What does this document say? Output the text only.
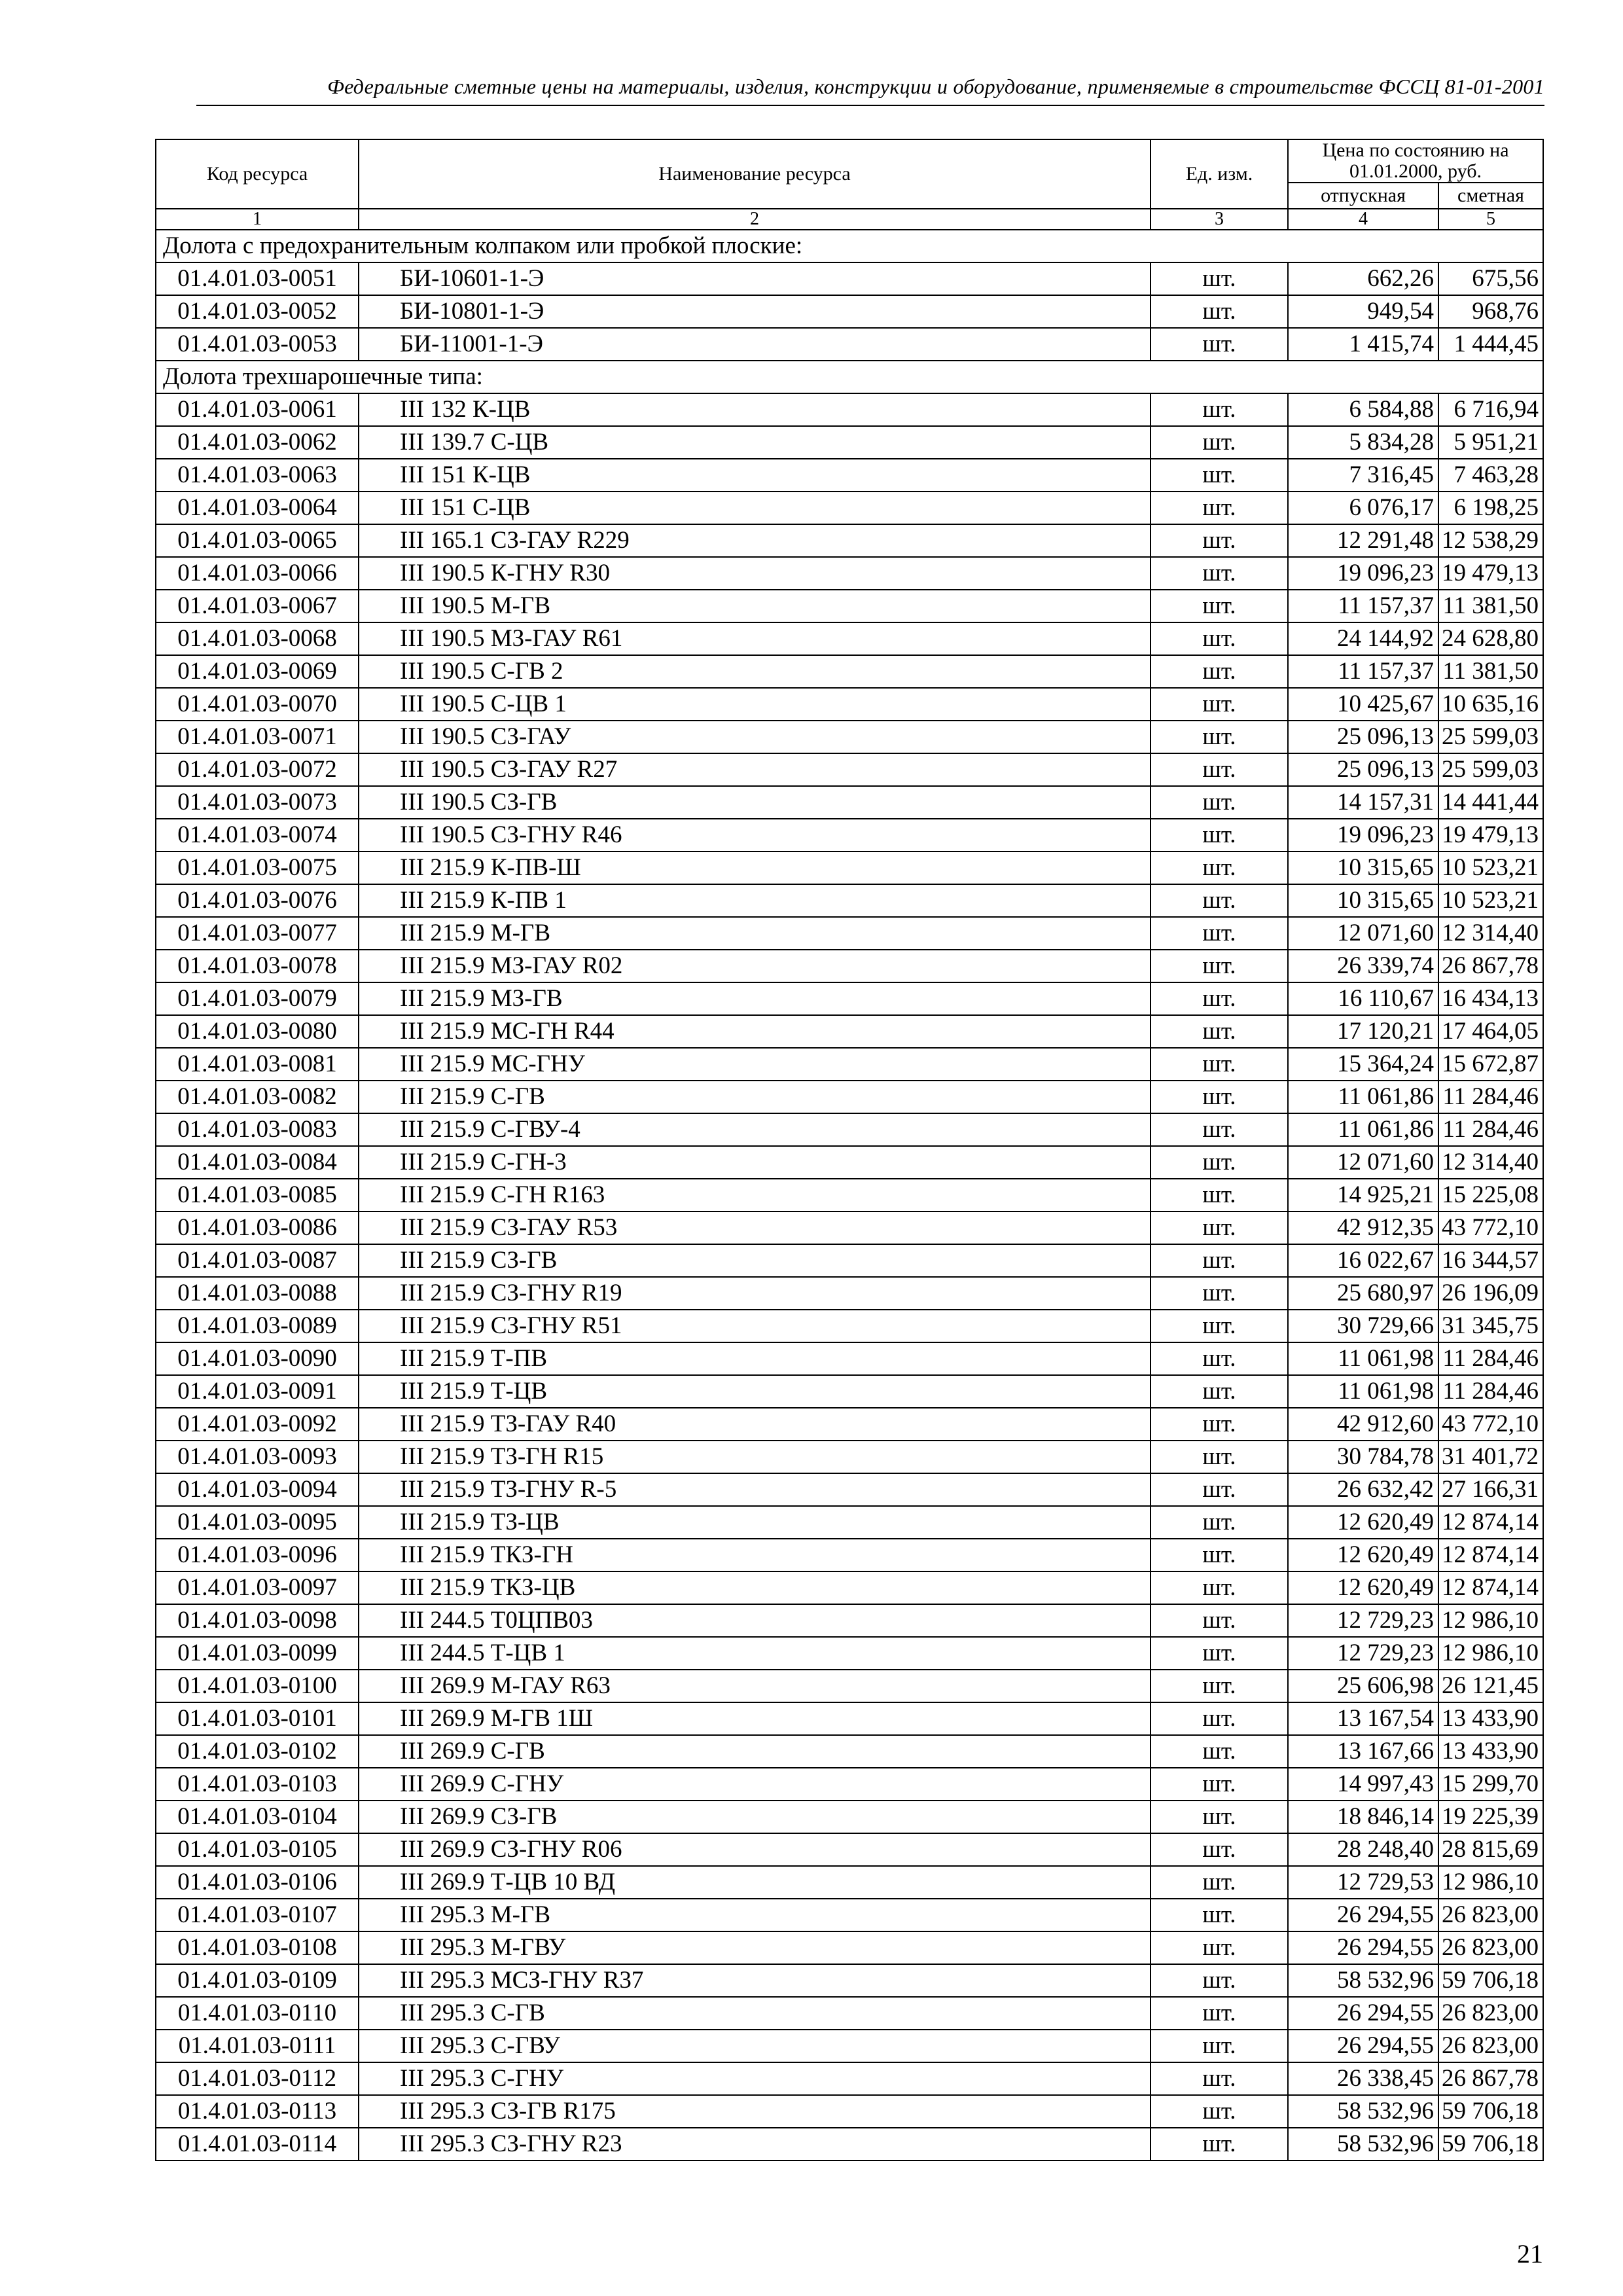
Федеральные сметные цены на материалы, изделия, конструкции и оборудование, применяемые в строительстве ФССЦ 81-01-2001
Код ресурса	Наименование ресурса	Ед. изм.	Цена по состоянию на 01.01.2000, руб.	

			отпускная	сметная
1	2	3	4	5
Долота с предохранительным колпаком или пробкой плоские:				
01.4.01.03-0051	БИ-10601-1-Э	шт.	662,26	675,56
01.4.01.03-0052	БИ-10801-1-Э	шт.	949,54	968,76
01.4.01.03-0053	БИ-11001-1-Э	шт.	1 415,74	1 444,45
Долота трехшарошечные типа:				
01.4.01.03-0061	III 132 К-ЦВ	шт.	6 584,88	6 716,94
01.4.01.03-0062	III 139.7 С-ЦВ	шт.	5 834,28	5 951,21
01.4.01.03-0063	III 151 К-ЦВ	шт.	7 316,45	7 463,28
01.4.01.03-0064	III 151 С-ЦВ	шт.	6 076,17	6 198,25
01.4.01.03-0065	III 165.1 СЗ-ГАУ R229	шт.	12 291,48	12 538,29
01.4.01.03-0066	III 190.5 К-ГНУ R30	шт.	19 096,23	19 479,13
01.4.01.03-0067	III 190.5 М-ГВ	шт.	11 157,37	11 381,50
01.4.01.03-0068	III 190.5 МЗ-ГАУ R61	шт.	24 144,92	24 628,80
01.4.01.03-0069	III 190.5 С-ГВ 2	шт.	11 157,37	11 381,50
01.4.01.03-0070	III 190.5 С-ЦВ 1	шт.	10 425,67	10 635,16
01.4.01.03-0071	III 190.5 СЗ-ГАУ	шт.	25 096,13	25 599,03
01.4.01.03-0072	III 190.5 СЗ-ГАУ R27	шт.	25 096,13	25 599,03
01.4.01.03-0073	III 190.5 СЗ-ГВ	шт.	14 157,31	14 441,44
01.4.01.03-0074	III 190.5 СЗ-ГНУ R46	шт.	19 096,23	19 479,13
01.4.01.03-0075	III 215.9 К-ПВ-Ш	шт.	10 315,65	10 523,21
01.4.01.03-0076	III 215.9 К-ПВ 1	шт.	10 315,65	10 523,21
01.4.01.03-0077	III 215.9 М-ГВ	шт.	12 071,60	12 314,40
01.4.01.03-0078	III 215.9 МЗ-ГАУ R02	шт.	26 339,74	26 867,78
01.4.01.03-0079	III 215.9 МЗ-ГВ	шт.	16 110,67	16 434,13
01.4.01.03-0080	III 215.9 МС-ГН R44	шт.	17 120,21	17 464,05
01.4.01.03-0081	III 215.9 МС-ГНУ	шт.	15 364,24	15 672,87
01.4.01.03-0082	III 215.9 С-ГВ	шт.	11 061,86	11 284,46
01.4.01.03-0083	III 215.9 С-ГВУ-4	шт.	11 061,86	11 284,46
01.4.01.03-0084	III 215.9 С-ГН-3	шт.	12 071,60	12 314,40
01.4.01.03-0085	III 215.9 С-ГН R163	шт.	14 925,21	15 225,08
01.4.01.03-0086	III 215.9 СЗ-ГАУ R53	шт.	42 912,35	43 772,10
01.4.01.03-0087	III 215.9 СЗ-ГВ	шт.	16 022,67	16 344,57
01.4.01.03-0088	III 215.9 СЗ-ГНУ R19	шт.	25 680,97	26 196,09
01.4.01.03-0089	III 215.9 СЗ-ГНУ R51	шт.	30 729,66	31 345,75
01.4.01.03-0090	III 215.9 Т-ПВ	шт.	11 061,98	11 284,46
01.4.01.03-0091	III 215.9 Т-ЦВ	шт.	11 061,98	11 284,46
01.4.01.03-0092	III 215.9 ТЗ-ГАУ R40	шт.	42 912,60	43 772,10
01.4.01.03-0093	III 215.9 ТЗ-ГН R15	шт.	30 784,78	31 401,72
01.4.01.03-0094	III 215.9 ТЗ-ГНУ R-5	шт.	26 632,42	27 166,31
01.4.01.03-0095	III 215.9 ТЗ-ЦВ	шт.	12 620,49	12 874,14
01.4.01.03-0096	III 215.9 ТКЗ-ГН	шт.	12 620,49	12 874,14
01.4.01.03-0097	III 215.9 ТКЗ-ЦВ	шт.	12 620,49	12 874,14
01.4.01.03-0098	III 244.5 Т0ЦПВ03	шт.	12 729,23	12 986,10
01.4.01.03-0099	III 244.5 Т-ЦВ 1	шт.	12 729,23	12 986,10
01.4.01.03-0100	III 269.9 М-ГАУ R63	шт.	25 606,98	26 121,45
01.4.01.03-0101	III 269.9 М-ГВ 1Ш	шт.	13 167,54	13 433,90
01.4.01.03-0102	III 269.9 С-ГВ	шт.	13 167,66	13 433,90
01.4.01.03-0103	III 269.9 С-ГНУ	шт.	14 997,43	15 299,70
01.4.01.03-0104	III 269.9 СЗ-ГВ	шт.	18 846,14	19 225,39
01.4.01.03-0105	III 269.9 СЗ-ГНУ R06	шт.	28 248,40	28 815,69
01.4.01.03-0106	III 269.9 Т-ЦВ 10 ВД	шт.	12 729,53	12 986,10
01.4.01.03-0107	III 295.3 М-ГВ	шт.	26 294,55	26 823,00
01.4.01.03-0108	III 295.3 М-ГВУ	шт.	26 294,55	26 823,00
01.4.01.03-0109	III 295.3 МСЗ-ГНУ R37	шт.	58 532,96	59 706,18
01.4.01.03-0110	III 295.3 С-ГВ	шт.	26 294,55	26 823,00
01.4.01.03-0111	III 295.3 С-ГВУ	шт.	26 294,55	26 823,00
01.4.01.03-0112	III 295.3 С-ГНУ	шт.	26 338,45	26 867,78
01.4.01.03-0113	III 295.3 СЗ-ГВ R175	шт.	58 532,96	59 706,18
01.4.01.03-0114	III 295.3 СЗ-ГНУ R23	шт.	58 532,96	59 706,18
21
